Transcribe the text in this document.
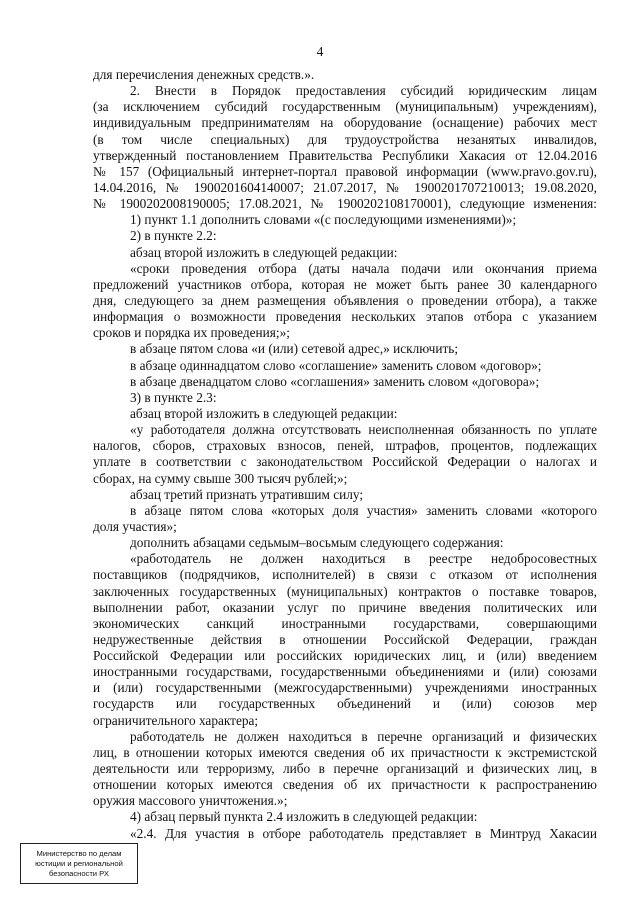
4
для перечисления денежных средств.».
2. Внести в Порядок предоставления субсидий юридическим лицам
(за исключением субсидий государственным (муниципальным) учреждениям),
индивидуальным предпринимателям на оборудование (оснащение) рабочих мест
(в том числе специальных) для трудоустройства незанятых инвалидов,
утвержденный постановлением Правительства Республики Хакасия от 12.04.2016
№ 157 (Официальный интернет-портал правовой информации (www.pravo.gov.ru),
14.04.2016, № 1900201604140007; 21.07.2017, № 1900201707210013; 19.08.2020,
№ 1900202008190005; 17.08.2021, № 1900202108170001), следующие изменения:
1) пункт 1.1 дополнить словами «(с последующими изменениями)»;
2) в пункте 2.2:
абзац второй изложить в следующей редакции:
«сроки проведения отбора (даты начала подачи или окончания приема
предложений участников отбора, которая не может быть ранее 30 календарного
дня, следующего за днем размещения объявления о проведении отбора), а также
информация о возможности проведения нескольких этапов отбора с указанием
сроков и порядка их проведения;»;
в абзаце пятом слова «и (или) сетевой адрес,» исключить;
в абзаце одиннадцатом слово «соглашение» заменить словом «договор»;
в абзаце двенадцатом слово «соглашения» заменить словом «договора»;
3) в пункте 2.3:
абзац второй изложить в следующей редакции:
«у работодателя должна отсутствовать неисполненная обязанность по уплате
налогов, сборов, страховых взносов, пеней, штрафов, процентов, подлежащих
уплате в соответствии с законодательством Российской Федерации о налогах и
сборах, на сумму свыше 300 тысяч рублей;»;
абзац третий признать утратившим силу;
в абзаце пятом слова «которых доля участия» заменить словами «которого
доля участия»;
дополнить абзацами седьмым–восьмым следующего содержания:
«работодатель не должен находиться в реестре недобросовестных
поставщиков (подрядчиков, исполнителей) в связи с отказом от исполнения
заключенных государственных (муниципальных) контрактов о поставке товаров,
выполнении работ, оказании услуг по причине введения политических или
экономических санкций иностранными государствами, совершающими
недружественные действия в отношении Российской Федерации, граждан
Российской Федерации или российских юридических лиц, и (или) введением
иностранными государствами, государственными объединениями и (или) союзами
и (или) государственными (межгосударственными) учреждениями иностранных
государств или государственных объединений и (или) союзов мер
ограничительного характера;
работодатель не должен находиться в перечне организаций и физических
лиц, в отношении которых имеются сведения об их причастности к экстремистской
деятельности или терроризму, либо в перечне организаций и физических лиц, в
отношении которых имеются сведения об их причастности к распространению
оружия массового уничтожения.»;
4) абзац первый пункта 2.4 изложить в следующей редакции:
«2.4. Для участия в отборе работодатель представляет в Минтруд Хакасии
Министерство по делам
юстиции и региональной
безопасности РХ
